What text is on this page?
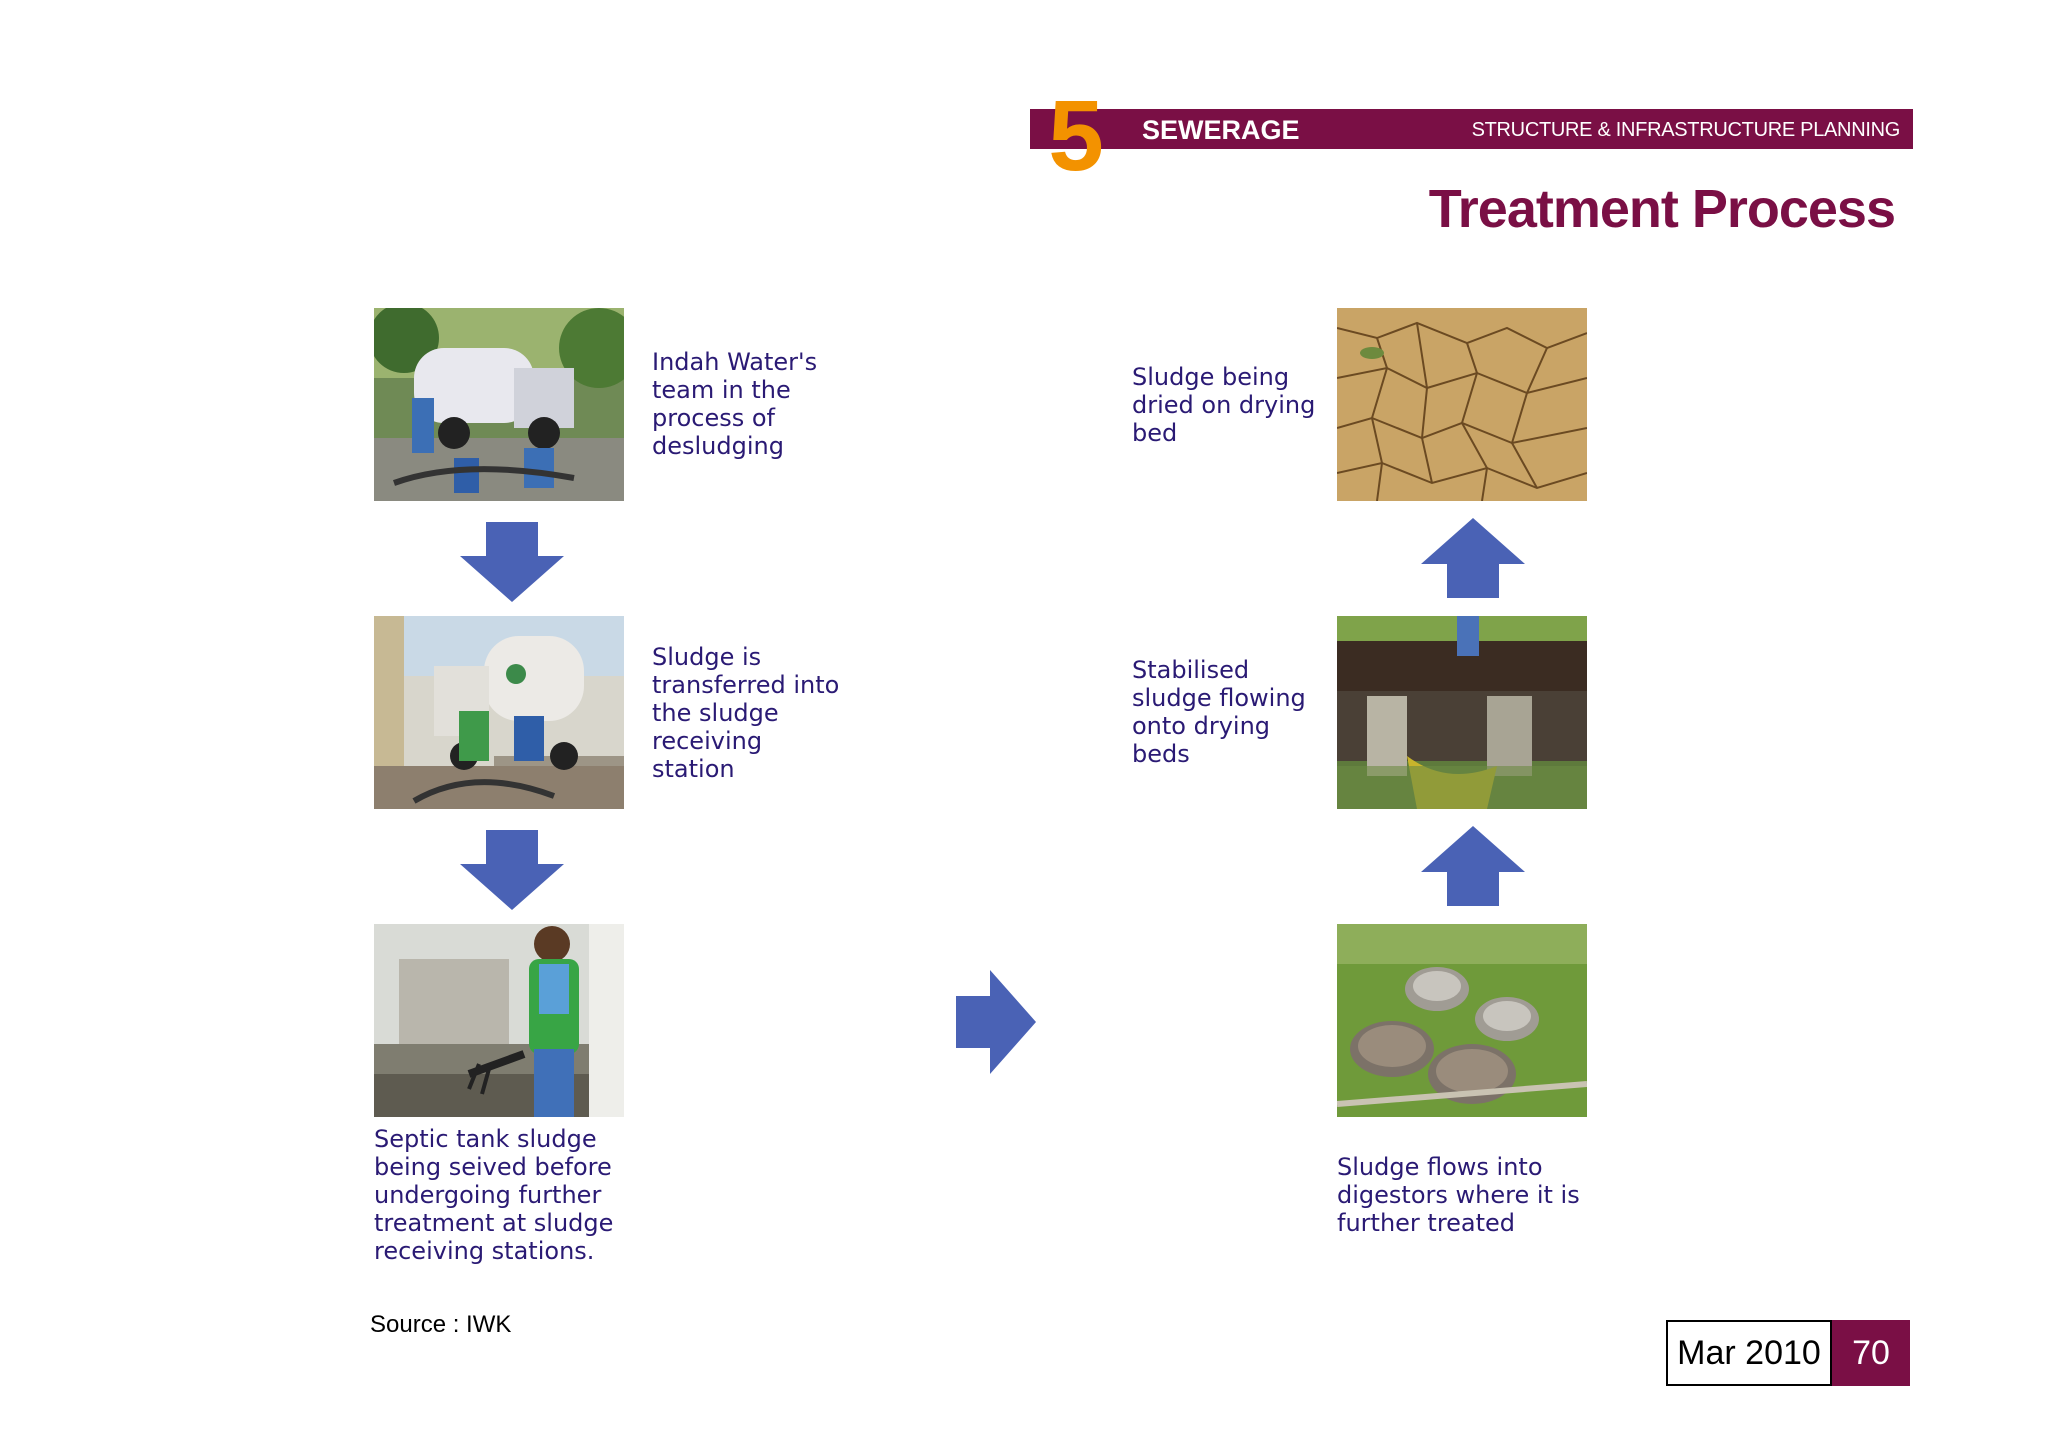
5	SEWERAGE	STRUCTURE & INFRASTRUCTURE PLANNING
Treatment Process
Indah Water's
team in the
process of
desludging
Sludge is
transferred into
the sludge
receiving
station
Septic tank sludge
being seived before
undergoing further
treatment at sludge
receiving stations.
Sludge being
dried on drying
bed
Stabilised
sludge flowing
onto drying
beds
Sludge flows into
digestors where it is
further treated
Source : IWK
Mar 2010 70
